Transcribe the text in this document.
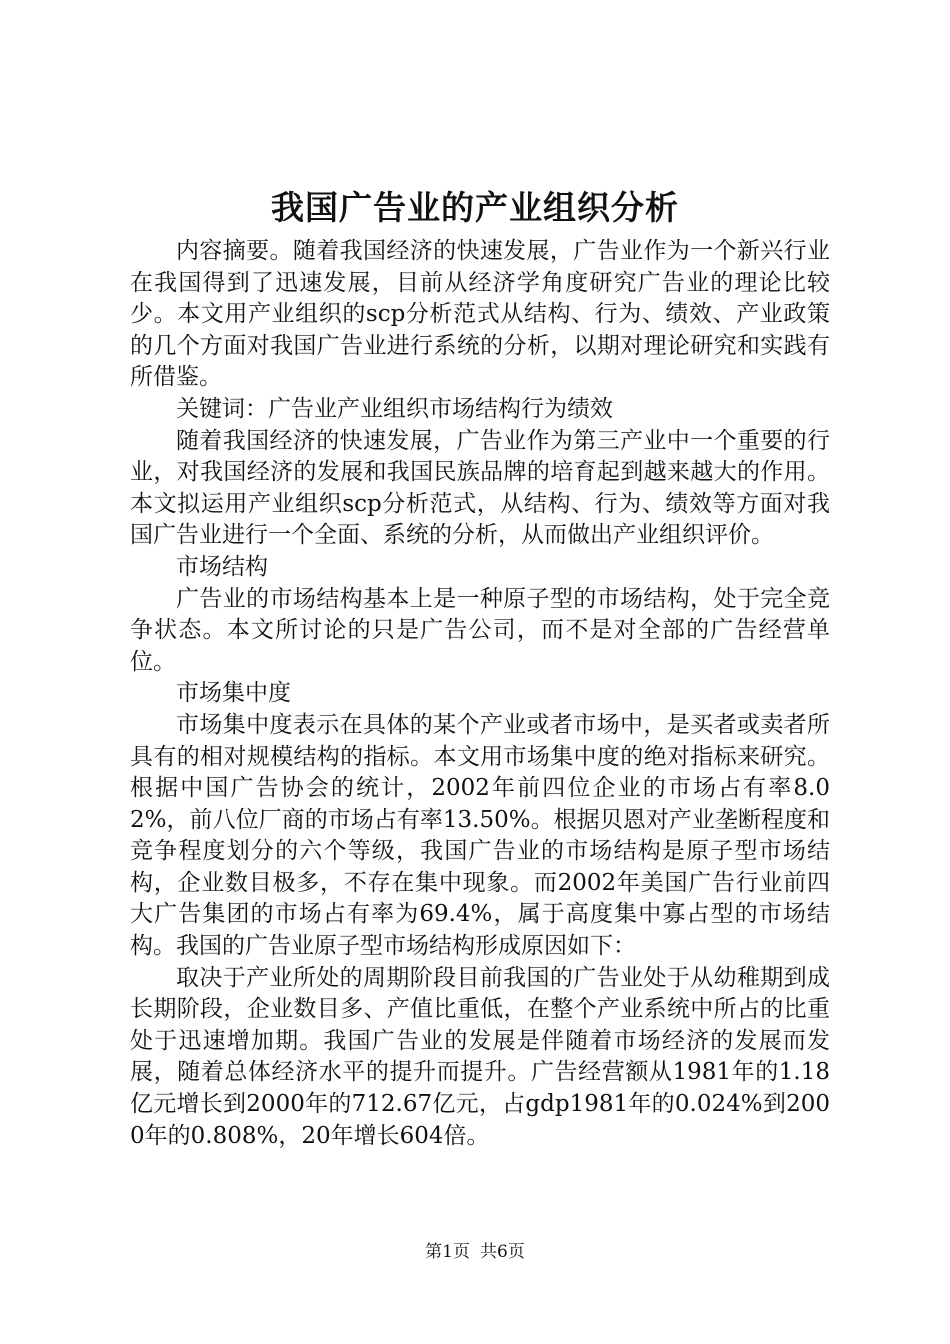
我国广告业的产业组织分析

内容摘要。随着我国经济的快速发展，广告业作为一个新兴行业在我国得到了迅速发展，目前从经济学角度研究广告业的理论比较少。本文用产业组织的scp分析范式从结构、行为、绩效、产业政策的几个方面对我国广告业进行系统的分析，以期对理论研究和实践有所借鉴。

关键词：广告业产业组织市场结构行为绩效

随着我国经济的快速发展，广告业作为第三产业中一个重要的行业，对我国经济的发展和我国民族品牌的培育起到越来越大的作用。本文拟运用产业组织scp分析范式，从结构、行为、绩效等方面对我国广告业进行一个全面、系统的分析，从而做出产业组织评价。

市场结构

广告业的市场结构基本上是一种原子型的市场结构，处于完全竞争状态。本文所讨论的只是广告公司，而不是对全部的广告经营单位。

市场集中度

市场集中度表示在具体的某个产业或者市场中，是买者或卖者所具有的相对规模结构的指标。本文用市场集中度的绝对指标来研究。根据中国广告协会的统计，2002年前四位企业的市场占有率8.02%，前八位厂商的市场占有率13.50%。根据贝恩对产业垄断程度和竞争程度划分的六个等级，我国广告业的市场结构是原子型市场结构，企业数目极多，不存在集中现象。而2002年美国广告行业前四大广告集团的市场占有率为69.4%，属于高度集中寡占型的市场结构。我国的广告业原子型市场结构形成原因如下：

取决于产业所处的周期阶段目前我国的广告业处于从幼稚期到成长期阶段，企业数目多、产值比重低，在整个产业系统中所占的比重处于迅速增加期。我国广告业的发展是伴随着市场经济的发展而发展，随着总体经济水平的提升而提升。广告经营额从1981年的1.18亿元增长到2000年的712.67亿元，占gdp1981年的0.024%到2000年的0.808%，20年增长604倍。

第1页 共6页
